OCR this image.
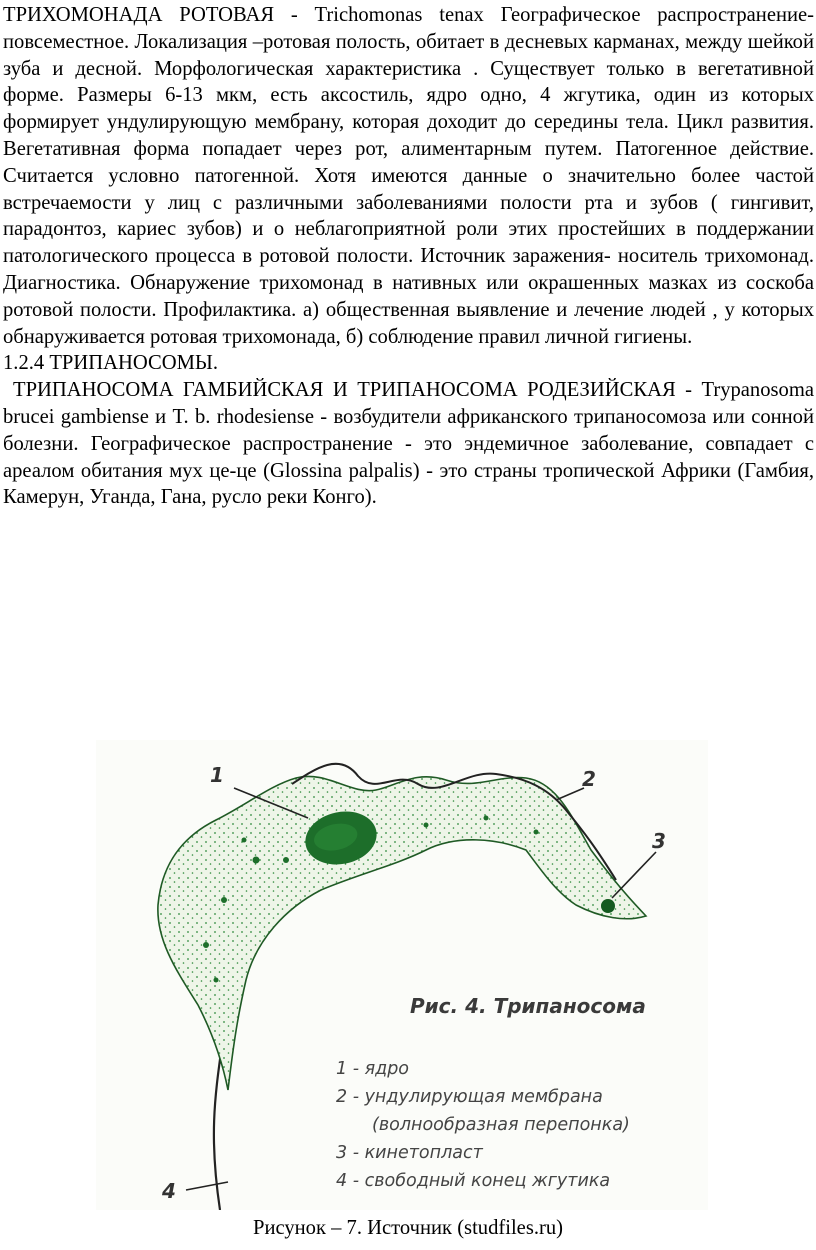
ТРИХОМОНАДА РОТОВАЯ - Trichomonas tenax Географическое распространение- повсеместное. Локализация –ротовая полость, обитает в десневых карманах, между шейкой зуба и десной. Морфологическая характеристика . Существует только в вегетативной форме. Размеры 6-13 мкм, есть аксостиль, ядро одно, 4 жгутика, один из которых формирует ундулирующую мембрану, которая доходит до середины тела. Цикл развития. Вегетативная форма попадает через рот, алиментарным путем. Патогенное действие. Считается условно патогенной. Хотя имеются данные о значительно более частой встречаемости у лиц с различными заболеваниями полости рта и зубов ( гингивит, парадонтоз, кариес зубов) и о неблагоприятной роли этих простейших в поддержании патологического процесса в ротовой полости. Источник заражения- носитель трихомонад. Диагностика. Обнаружение трихомонад в нативных или окрашенных мазках из соскоба ротовой полости. Профилактика. а) общественная выявление и лечение людей , у которых обнаруживается ротовая трихомонада, б) соблюдение правил личной гигиены.

1.2.4 ТРИПАНОСОМЫ.

ТРИПАНОСОМА ГАМБИЙСКАЯ И ТРИПАНОСОМА РОДЕЗИЙСКАЯ - Trypanosoma brucei gambiense и T. b. rhodesiense - возбудители африканского трипаносомоза или сонной болезни. Географическое распространение - это эндемичное заболевание, совпадает с ареалом обитания мух це-це (Glossina palpalis) - это страны тропической Африки (Гамбия, Камерун, Уганда, Гана, русло реки Конго).

1	2
3
4
Рис. 4. Трипаносома
1 - ядро
2 - ундулирующая мембрана
(волнообразная перепонка)
3 - кинетопласт
4 - свободный конец жгутика
Рисунок – 7. Источник (studfiles.ru)
